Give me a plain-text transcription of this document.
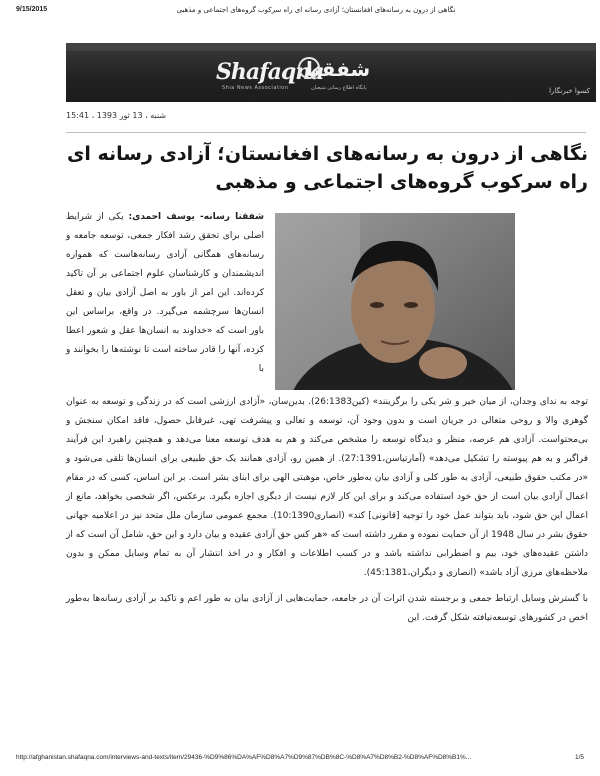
9/15/2015	نگاهی از درون به رسانه‌های افغانستان؛ آزادی رسانه ای راه سرکوب گروه‌های اجتماعی و مذهبی
Shafaqna
شفقنا
Shia News Association	پایگاه اطلاع رسانی شیعیان	کسوا خبرنگارا
شنبه ، 13 ثور 1393 ، 15:41
نگاهی از درون به رسانه‌های افغانستان؛ آزادی رسانه ای راه سرکوب گروه‌های اجتماعی و مذهبی
شفقنا رسانه- یوسف احمدی: یکی از شرایط اصلی برای تحقق رشد افکار جمعی، توسعه جامعه و رسانه‌های همگانی آزادی رسانه‌هاست که همواره اندیشمندان و کارشناسان علوم اجتماعی بر آن تاکید کرده‌اند. این امر از باور به اصل آزادی بیان و تعقل انسان‌ها سرچشمه می‌گیرد. در واقع، براساس این باور است که «خداوند به انسان‌ها عقل و شعور اعطا کرده، آنها را قادر ساخته است تا نوشته‌ها را بخوانند و با

توجه به ندای وجدان، از میان خیر و شر یکی را برگزینند» (کین26:1383). بدین‌سان، «آزادی ارزشی است که در زندگی و توسعه به عنوان گوهری والا و روحی متعالی در جریان است و بدون وجود آن، توسعه و تعالی و پیشرفت تهی، غیرقابل حصول، فاقد امکان سنجش و بی‌محتواست. آزادی هم عرصه، منظر و دیدگاه توسعه را مشخص می‌کند و هم به هدف توسعه معنا می‌دهد و همچنین راهبرد این فرآیند فراگیر و به هم پیوسته را تشکیل می‌دهد» (آمارتیاسن،27:1391). از همین رو، آزادی همانند یک حق طبیعی برای انسان‌ها تلقی می‌شود و «در مکتب حقوق طبیعی، آزادی به طور کلی و آزادی بیان به‌طور خاص، موهبتی الهی برای ابنای بشر است. بر این اساس، کسی که در مقام اعمال آزادی بیان است از حق خود استفاده می‌کند و برای این کار لازم نیست از دیگری اجازه بگیرد. برعکس، اگر شخصی بخواهد، مانع از اعمال این حق شود، باید بتواند عمل خود را توجیه [قانونی] کند» (انصاری10:1390). مجمع عمومی سازمان ملل متحد نیز در اعلامیه جهانی حقوق بشر در سال 1948 از آن حمایت نموده و مقرر داشته است که «هر کس حق آزادی عقیده و بیان دارد و این حق، شامل آن است که از داشتن عقیده‌های خود، بیم و اضطرابی نداشته باشد و در کسب اطلاعات و افکار و در اخذ انتشار آن به تمام وسایل ممکن و بدون ملاحظه‌های مرزی آزاد باشد» (انصاری و دیگران،45:1381).

با گسترش وسایل ارتباط جمعی و برجسته شدن اثرات آن در جامعه، حمایت‌هایی از آزادی بیان به طور اعم و تاکید بر آزادی رسانه‌ها به‌طور اخص در کشورهای توسعه‌نیافته شکل گرفت. این

http://afghanistan.shafaqna.com/interviews-and-texts/item/29436-%D9%86%DA%AF%D8%A7%D9%87%DB%8C-%D8%A7%D8%B2-%D8%AF%D8%B1%...	1/5
